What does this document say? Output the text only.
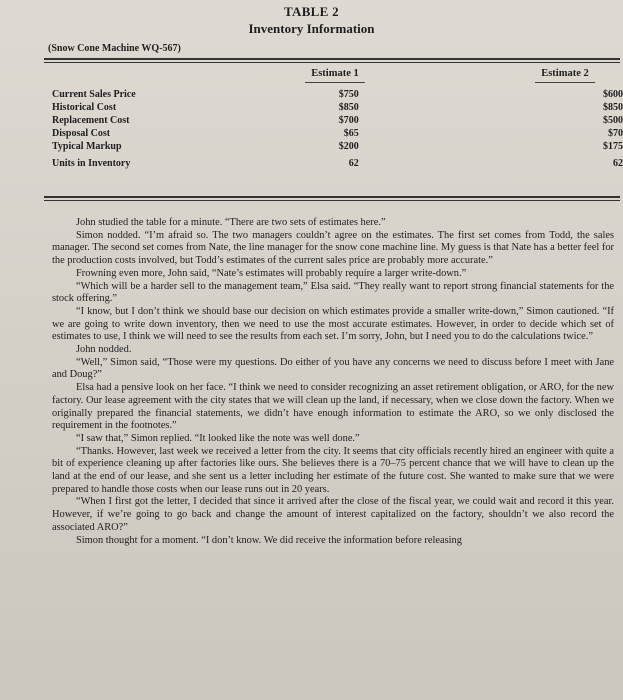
TABLE 2
Inventory Information
(Snow Cone Machine WQ-567)
Estimate 1	Estimate 2
Current Sales Price	$750		$600
Historical Cost	$850		$850
Replacement Cost	$700		$500
Disposal Cost	$65		$70
Typical Markup	$200		$175
Units in Inventory	62		62

John studied the table for a minute. “There are two sets of estimates here.”

Simon nodded. “I’m afraid so. The two managers couldn’t agree on the estimates. The first set comes from Todd, the sales manager. The second set comes from Nate, the line manager for the snow cone machine line. My guess is that Nate has a better feel for the production costs involved, but Todd’s estimates of the current sales price are probably more accurate.”

Frowning even more, John said, “Nate’s estimates will probably require a larger write-down.”

“Which will be a harder sell to the management team,” Elsa said. “They really want to report strong financial statements for the stock offering.”

“I know, but I don’t think we should base our decision on which estimates provide a smaller write-down,” Simon cautioned. “If we are going to write down inventory, then we need to use the most accurate estimates. However, in order to decide which set of estimates to use, I think we will need to see the results from each set. I’m sorry, John, but I need you to do the calculations twice.”

John nodded.

“Well,” Simon said, “Those were my questions. Do either of you have any concerns we need to discuss before I meet with Jane and Doug?”

Elsa had a pensive look on her face. “I think we need to consider recognizing an asset retirement obligation, or ARO, for the new factory. Our lease agreement with the city states that we will clean up the land, if necessary, when we close down the factory. When we originally prepared the financial statements, we didn’t have enough information to estimate the ARO, so we only disclosed the requirement in the footnotes.”

“I saw that,” Simon replied. “It looked like the note was well done.”

“Thanks. However, last week we received a letter from the city. It seems that city officials recently hired an engineer with quite a bit of experience cleaning up after factories like ours. She believes there is a 70–75 percent chance that we will have to clean up the land at the end of our lease, and she sent us a letter including her estimate of the future cost. She wanted to make sure that we were prepared to handle those costs when our lease runs out in 20 years.

“When I first got the letter, I decided that since it arrived after the close of the fiscal year, we could wait and record it this year. However, if we’re going to go back and change the amount of interest capitalized on the factory, shouldn’t we also record the associated ARO?”

Simon thought for a moment. “I don’t know. We did receive the information before releasing
